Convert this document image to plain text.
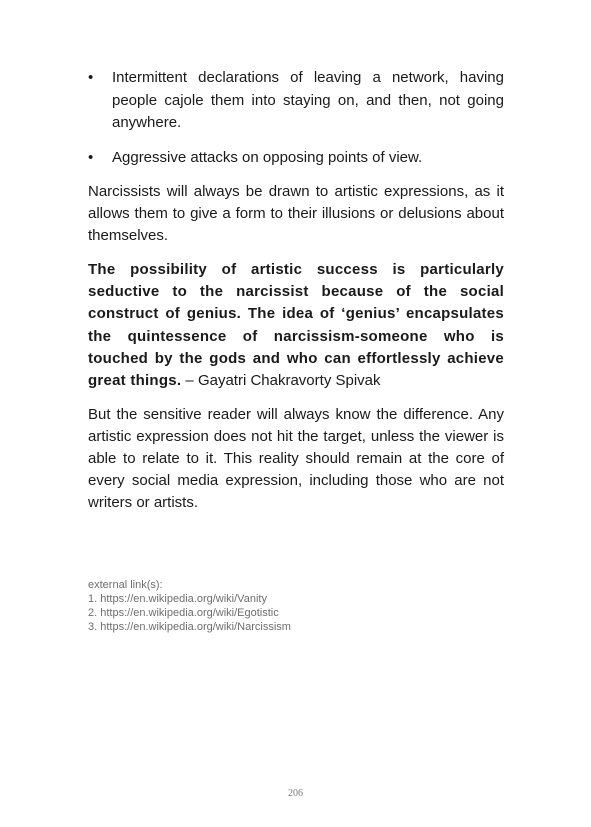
• Intermittent declarations of leaving a network, having people cajole them into staying on, and then, not going anywhere.
• Aggressive attacks on opposing points of view.

Narcissists will always be drawn to artistic expressions, as it allows them to give a form to their illusions or delusions about themselves.

The possibility of artistic success is particularly seductive to the narcissist because of the social construct of genius. The idea of ‘genius’ encapsulates the quintessence of narcissism-someone who is touched by the gods and who can effortlessly achieve great things. – Gayatri Chakravorty Spivak

But the sensitive reader will always know the difference. Any artistic expression does not hit the target, unless the viewer is able to relate to it. This reality should remain at the core of every social media expression, including those who are not writers or artists.

external link(s):
1. https://en.wikipedia.org/wiki/Vanity
2. https://en.wikipedia.org/wiki/Egotistic
3. https://en.wikipedia.org/wiki/Narcissism
206
